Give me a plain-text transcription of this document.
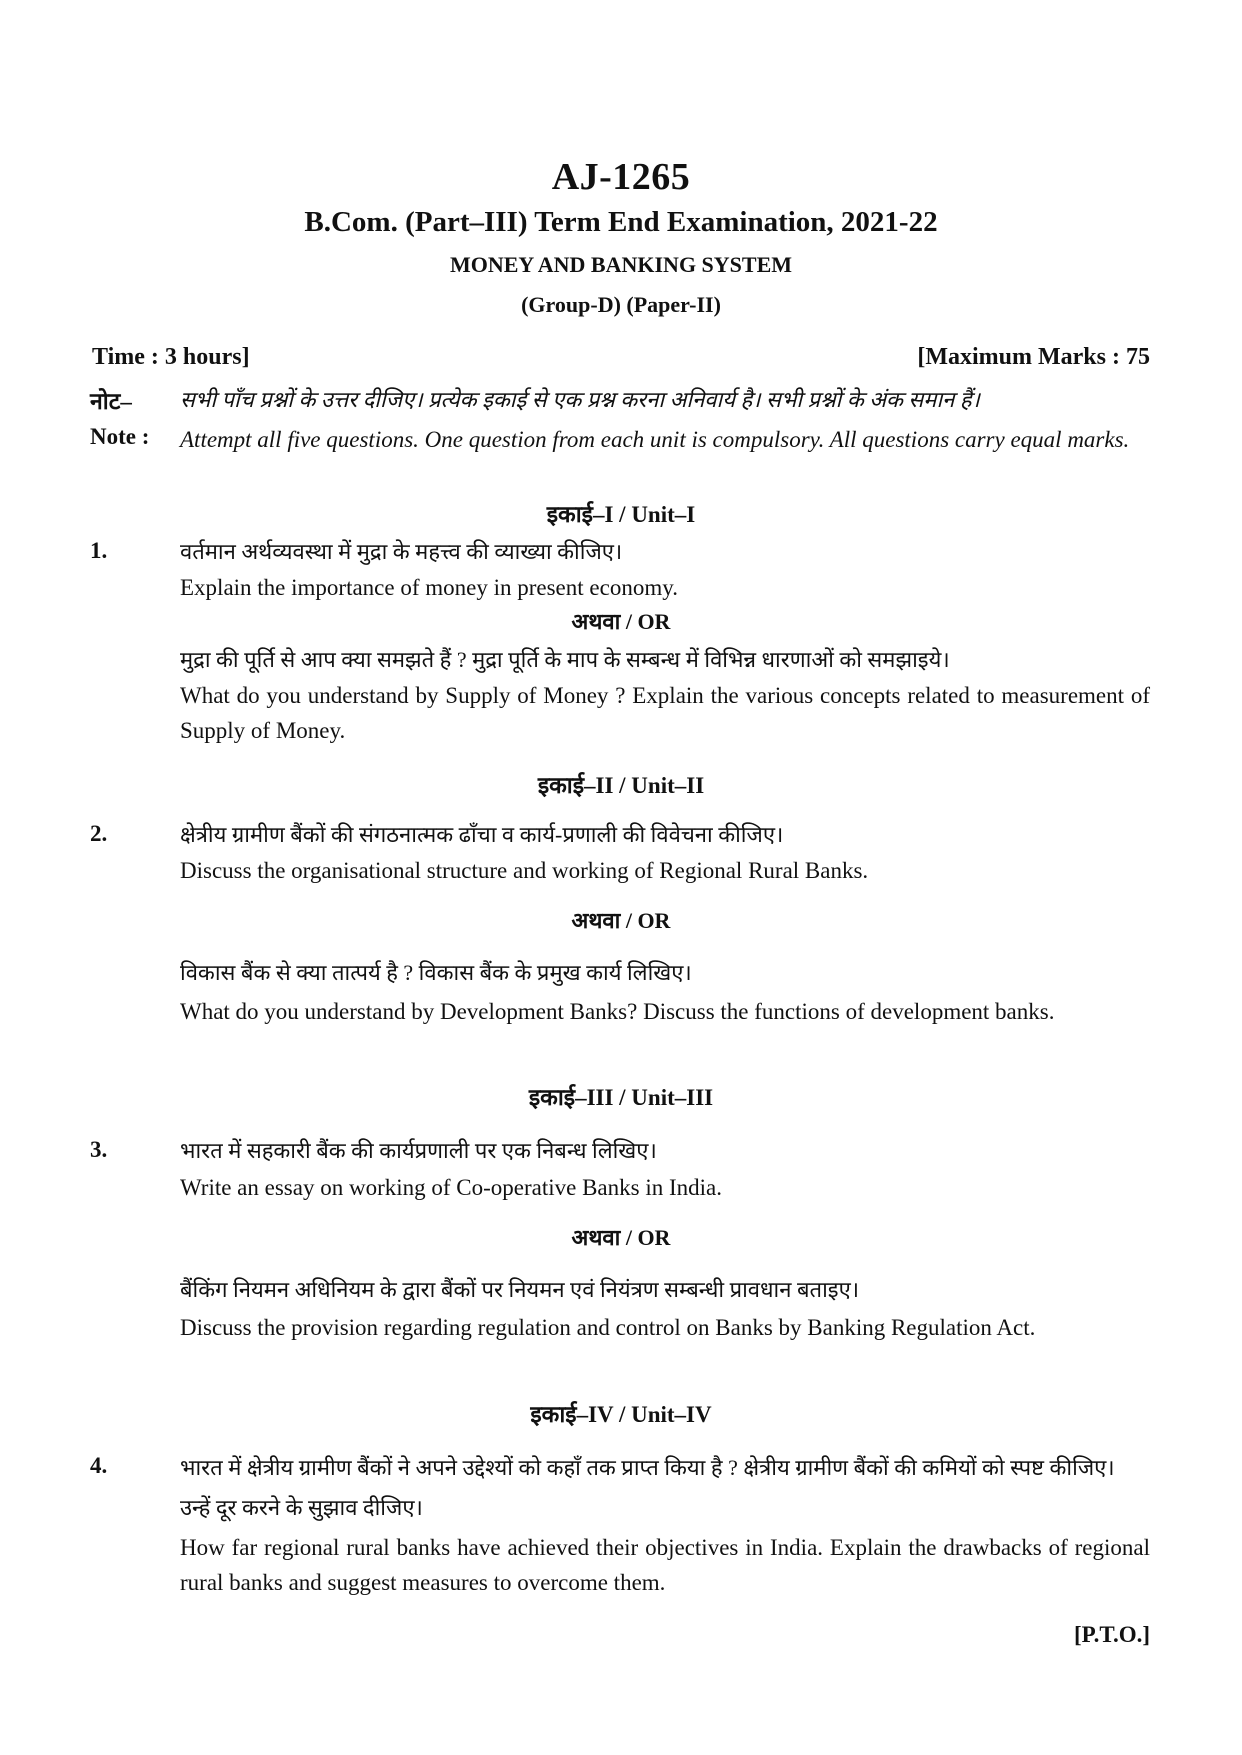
AJ-1265
B.Com. (Part–III) Term End Examination, 2021-22
MONEY AND BANKING SYSTEM
(Group-D) (Paper-II)
Time : 3 hours]	[Maximum Marks : 75
नोट– सभी पाँच प्रश्नों के उत्तर दीजिए। प्रत्येक इकाई से एक प्रश्न करना अनिवार्य है। सभी प्रश्नों के अंक समान हैं।
Note : Attempt all five questions. One question from each unit is compulsory. All questions carry equal marks.
इकाई–I / Unit–I
1.	वर्तमान अर्थव्यवस्था में मुद्रा के महत्त्व की व्याख्या कीजिए।
Explain the importance of money in present economy.
अथवा / OR
मुद्रा की पूर्ति से आप क्या समझते हैं ? मुद्रा पूर्ति के माप के सम्बन्ध में विभिन्न धारणाओं को समझाइये।
What do you understand by Supply of Money ? Explain the various concepts related to measurement of Supply of Money.
इकाई–II / Unit–II
2.	क्षेत्रीय ग्रामीण बैंकों की संगठनात्मक ढाँचा व कार्य-प्रणाली की विवेचना कीजिए।
Discuss the organisational structure and working of Regional Rural Banks.
अथवा / OR
विकास बैंक से क्या तात्पर्य है ? विकास बैंक के प्रमुख कार्य लिखिए।
What do you understand by Development Banks? Discuss the functions of development banks.
इकाई–III / Unit–III
3.	भारत में सहकारी बैंक की कार्यप्रणाली पर एक निबन्ध लिखिए।
Write an essay on working of Co-operative Banks in India.
अथवा / OR
बैंकिंग नियमन अधिनियम के द्वारा बैंकों पर नियमन एवं नियंत्रण सम्बन्धी प्रावधान बताइए।
Discuss the provision regarding regulation and control on Banks by Banking Regulation Act.
इकाई–IV / Unit–IV
4.	भारत में क्षेत्रीय ग्रामीण बैंकों ने अपने उद्देश्यों को कहाँ तक प्राप्त किया है ? क्षेत्रीय ग्रामीण बैंकों की कमियों को स्पष्ट कीजिए। उन्हें दूर करने के सुझाव दीजिए।
How far regional rural banks have achieved their objectives in India. Explain the drawbacks of regional rural banks and suggest measures to overcome them.
[P.T.O.]
